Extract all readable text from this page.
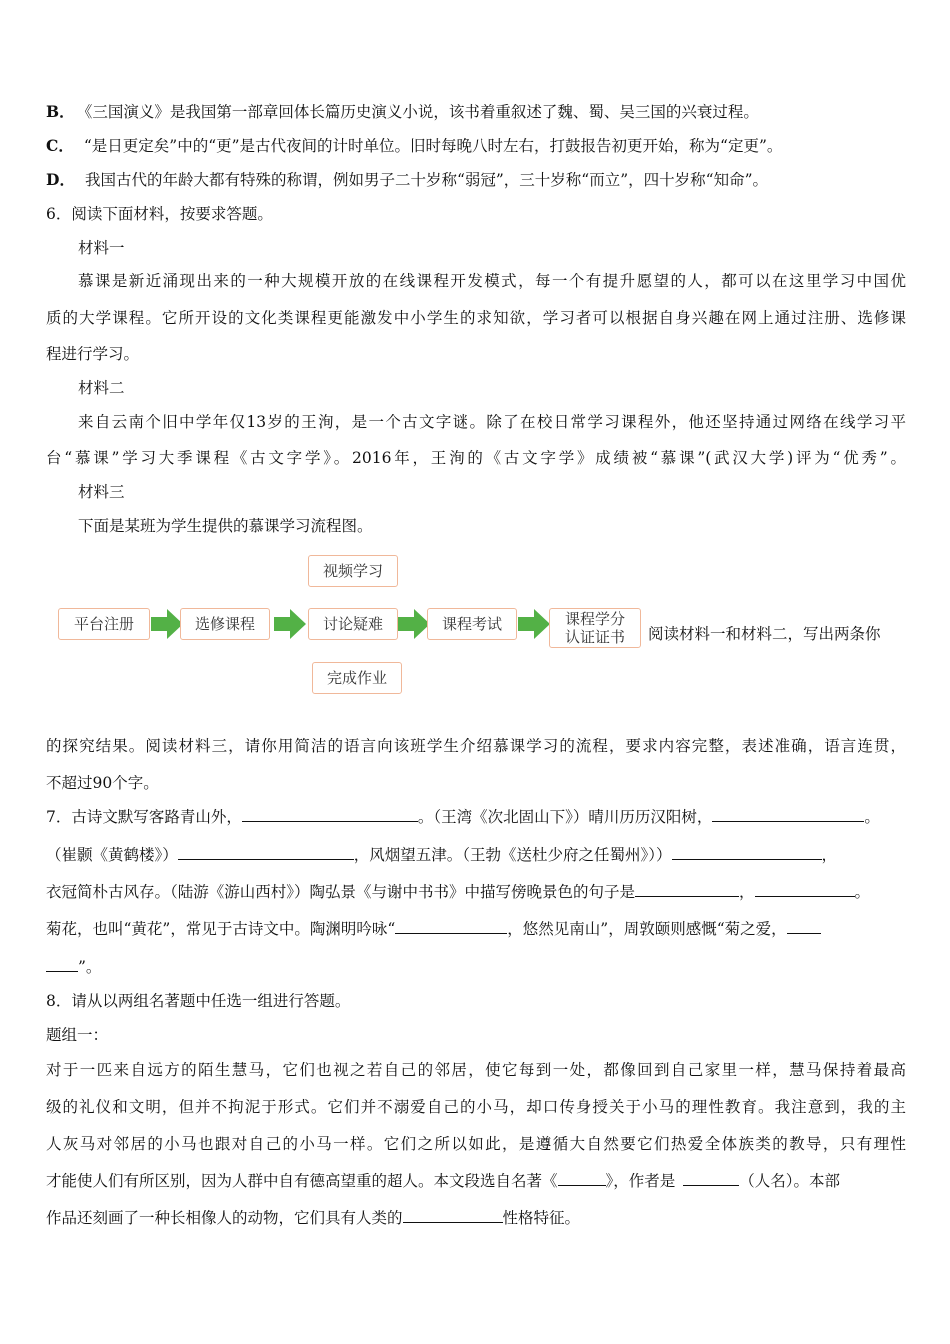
B． 《三国演义》是我国第一部章回体长篇历史演义小说，该书着重叙述了魏、蜀、吴三国的兴衰过程。
C． “是日更定矣”中的“更”是古代夜间的计时单位。旧时每晚八时左右，打鼓报告初更开始，称为“定更”。
D． 我国古代的年龄大都有特殊的称谓，例如男子二十岁称“弱冠”，三十岁称“而立”，四十岁称“知命”。
6．阅读下面材料，按要求答题。
材料一
慕课是新近涌现出来的一种大规模开放的在线课程开发模式，每一个有提升愿望的人，都可以在这里学习中国优
质的大学课程。它所开设的文化类课程更能激发中小学生的求知欲，学习者可以根据自身兴趣在网上通过注册、选修课
程进行学习。
材料二
来自云南个旧中学年仅13岁的王洵，是一个古文字谜。除了在校日常学习课程外，他还坚持通过网络在线学习平
台“慕课”学习大季课程《古文字学》。2016年，王洵的《古文字学》成绩被“慕课”(武汉大学)评为“优秀”。
材料三
下面是某班为学生提供的慕课学习流程图。
视频学习
平台注册	选修课程	讨论疑难	课程考试	课程学分
认证证书
完成作业
阅读材料一和材料二，写出两条你
的探究结果。阅读材料三，请你用简洁的语言向该班学生介绍慕课学习的流程，要求内容完整，表述准确，语言连贯，
不超过90个字。
7．古诗文默写客路青山外，	。（王湾《次北固山下》）晴川历历汉阳树，	。
（崔颢《黄鹤楼》）	，风烟望五津。（王勃《送杜少府之任蜀州》））	，
衣冠简朴古风存。（陆游《游山西村》）陶弘景《与谢中书书》中描写傍晚景色的句子是	，	。
菊花，也叫“黄花”，常见于古诗文中。陶渊明吟咏“	，悠然见南山”，周敦颐则感慨“菊之爱，
”。
8．请从以两组名著题中任选一组进行答题。
题组一：
对于一匹来自远方的陌生慧马，它们也视之若自己的邻居，使它每到一处，都像回到自己家里一样，慧马保持着最高
级的礼仪和文明，但并不拘泥于形式。它们并不溺爱自己的小马，却口传身授关于小马的理性教育。我注意到，我的主
人灰马对邻居的小马也跟对自己的小马一样。它们之所以如此，是遵循大自然要它们热爱全体族类的教导，只有理性
才能使人们有所区别，因为人群中自有德高望重的超人。本文段选自名著《	》，作者是	（人名）。本部
作品还刻画了一种长相像人的动物，它们具有人类的	性格特征。
